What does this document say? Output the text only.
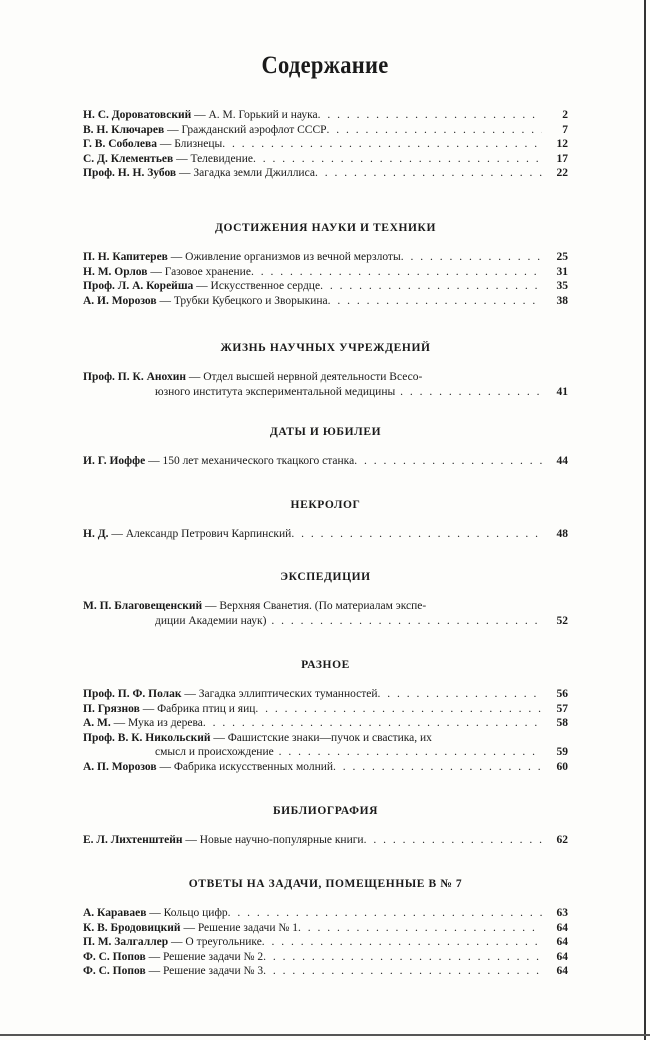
Содержание
Н. С. Дороватовский — А. М. Горький и наука . . .	2
В. Н. Ключарев — Гражданский аэрофлот СССР . . .	7
Г. В. Соболева — Близнецы . . .	12
С. Д. Клементьев — Телевидение . . .	17
Проф. Н. Н. Зубов — Загадка земли Джиллиса . . .	22
ДОСТИЖЕНИЯ НАУКИ И ТЕХНИКИ
П. Н. Капитерев — Оживление организмов из вечной мерзлоты . . .	25
Н. М. Орлов — Газовое хранение . . .	31
Проф. Л. А. Корейша — Искусственное сердце . . .	35
А. И. Морозов — Трубки Кубецкого и Зворыкина . . .	38
ЖИЗНЬ НАУЧНЫХ УЧРЕЖДЕНИЙ
Проф. П. К. Анохин — Отдел высшей нервной деятельности Всесо-
юзного института экспериментальной медицины . . .	41
ДАТЫ И ЮБИЛЕИ
И. Г. Иоффе — 150 лет механического ткацкого станка . . .	44
НЕКРОЛОГ
Н. Д. — Александр Петрович Карпинский . . .	48
ЭКСПЕДИЦИИ
М. П. Благовещенский — Верхняя Сванетия. (По материалам экспе-
диции Академии наук) . . .	52
РАЗНОЕ
Проф. П. Ф. Полак — Загадка эллиптических туманностей . . .	56
П. Грязнов — Фабрика птиц и яиц . . .	57
А. М. — Мука из дерева . . .	58
Проф. В. К. Никольский — Фашистские знаки—пучок и свастика, их
смысл и происхождение . . .	59
А. П. Морозов — Фабрика искусственных молний . . .	60
БИБЛИОГРАФИЯ
Е. Л. Лихтенштейн — Новые научно-популярные книги . . .	62
ОТВЕТЫ НА ЗАДАЧИ, ПОМЕЩЕННЫЕ В № 7
А. Караваев — Кольцо цифр . . .	63
К. В. Бродовицкий — Решение задачи № 1 . . .	64
П. М. Залгаллер — О треугольнике . . .	64
Ф. С. Попов — Решение задачи № 2 . . .	64
Ф. С. Попов — Решение задачи № 3 . . .	64
